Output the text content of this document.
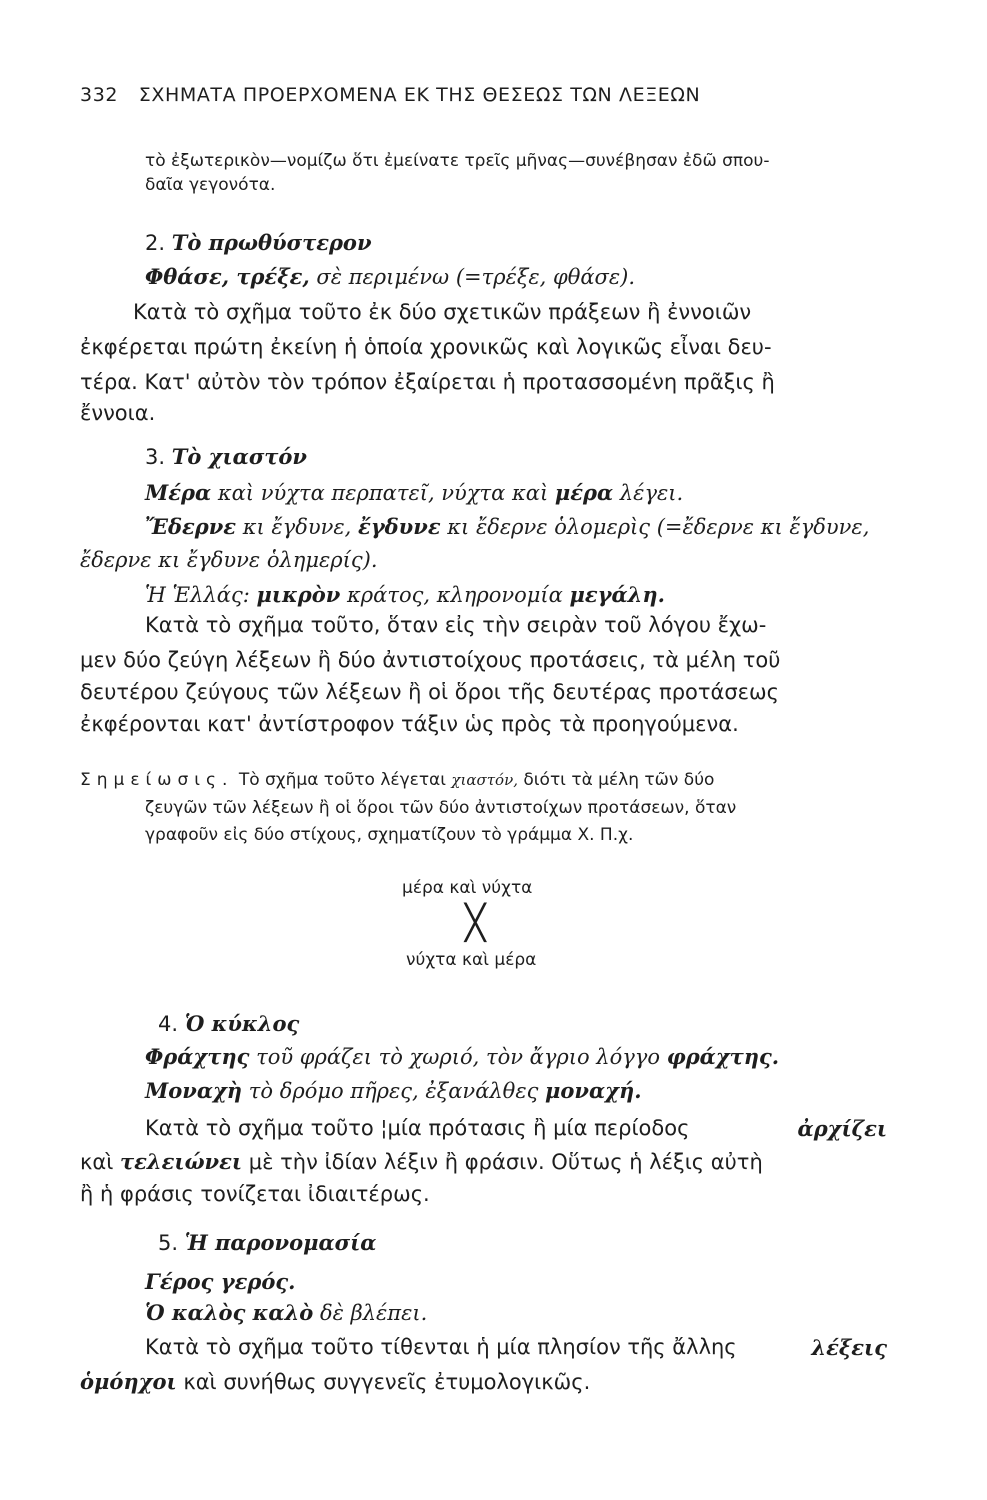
332 ΣΧΗΜΑΤΑ ΠΡΟΕΡΧΟΜΕΝΑ ΕΚ ΤΗΣ ΘΕΣΕΩΣ ΤΩΝ ΛΕΞΕΩΝ
τὸ ἐξωτερικὸν—νομίζω ὅτι ἐμείνατε τρεῖς μῆνας—συνέβησαν ἐδῶ σπου-
δαῖα γεγονότα.
2. Τὸ πρωθύστερον
Φθάσε, τρέξε, σὲ περιμένω (=τρέξε, φθάσε).
Κατὰ τὸ σχῆμα τοῦτο ἐκ δύο σχετικῶν πράξεων ἢ ἐννοιῶν
ἐκφέρεται πρώτη ἐκείνη ἡ ὁποία χρονικῶς καὶ λογικῶς εἶναι δευ-
τέρα. Κατ' αὐτὸν τὸν τρόπον ἐξαίρεται ἡ προτασσομένη πρᾶξις ἢ
ἔννοια.
3. Τὸ χιαστόν
Μέρα καὶ νύχτα περπατεῖ, νύχτα καὶ μέρα λέγει.
Ἔδερνε κι ἔγδυνε, ἔγδυνε κι ἔδερνε ὁλομερὶς (=ἔδερνε κι ἔγδυνε,
ἔδερνε κι ἔγδυνε ὁλημερίς).
Ἡ Ἑλλάς: μικρὸν κράτος, κληρονομία μεγάλη.
Κατὰ τὸ σχῆμα τοῦτο, ὅταν εἰς τὴν σειρὰν τοῦ λόγου ἔχω-
μεν δύο ζεύγη λέξεων ἢ δύο ἀντιστοίχους προτάσεις, τὰ μέλη τοῦ
δευτέρου ζεύγους τῶν λέξεων ἢ οἱ ὅροι τῆς δευτέρας προτάσεως
ἐκφέρονται κατ' ἀντίστροφον τάξιν ὡς πρὸς τὰ προηγούμενα.
Σημείωσις. Τὸ σχῆμα τοῦτο λέγεται χιαστόν, διότι τὰ μέλη τῶν δύο
ζευγῶν τῶν λέξεων ἢ οἱ ὅροι τῶν δύο ἀντιστοίχων προτάσεων, ὅταν
γραφοῦν εἰς δύο στίχους, σχηματίζουν τὸ γράμμα Χ. Π.χ.
μέρα καὶ νύχτα
╳
νύχτα καὶ μέρα
4. Ὁ κύκλος
Φράχτης τοῦ φράζει τὸ χωριό, τὸν ἄγριο λόγγο φράχτης.
Μοναχὴ τὸ δρόμο πῆρες, ἐξανάλθες μοναχή.
Κατὰ τὸ σχῆμα τοῦτο ¦μία πρότασις ἢ μία περίοδος	ἀρχίζει
καὶ τελειώνει μὲ τὴν ἰδίαν λέξιν ἢ φράσιν. Οὕτως ἡ λέξις αὐτὴ
ἢ ἡ φράσις τονίζεται ἰδιαιτέρως.
5. Ἡ παρονομασία
Γέρος γερός.
Ὁ καλὸς καλὸ δὲ βλέπει.
Κατὰ τὸ σχῆμα τοῦτο τίθενται ἡ μία πλησίον τῆς ἄλλης	λέξεις
ὁμόηχοι καὶ συνήθως συγγενεῖς ἐτυμολογικῶς.
